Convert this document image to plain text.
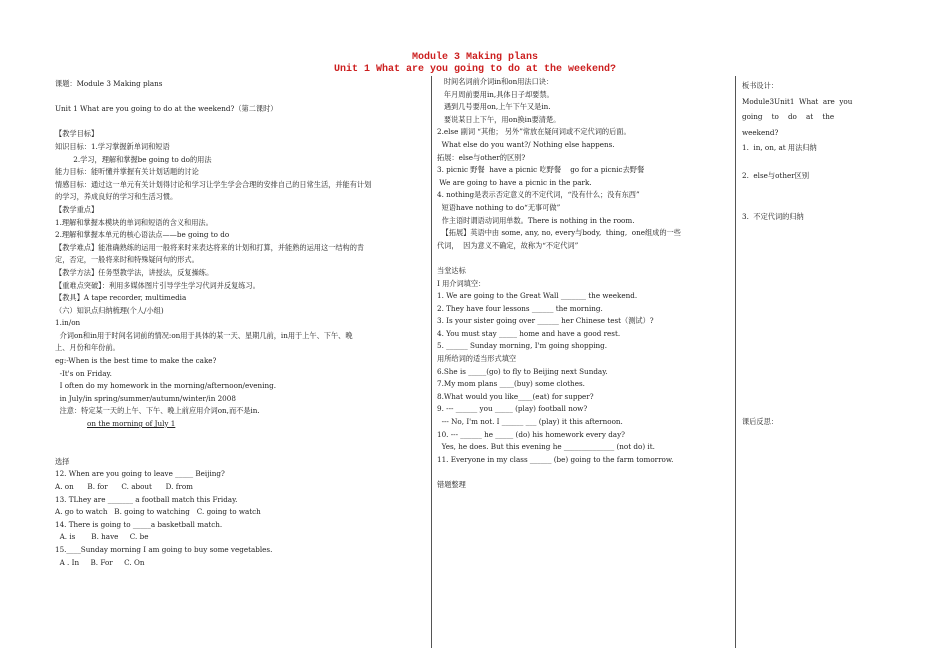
Module 3 Making plans
Unit 1 What are you going to do at the weekend?
课题：Module 3 Making plans
Unit 1 What are you going to do at the weekend?（第二课时）
【教学目标】
知识目标：1.学习掌握新单词和短语
2.学习，理解和掌握be going to do的用法
能力目标：能听懂并掌握有关计划话题的讨论
情感目标：通过这一单元有关计划得讨论和学习让学生学会合理的安排自己的日常生活，并能有计划
的学习，养成良好的学习和生活习惯。
【教学重点】
1.理解和掌握本模块的单词和短语的含义和用法。
2.理解和掌握本单元的核心语法点——be going to do
【教学难点】能准确熟练的运用一般将来时来表达将来的计划和打算，并能熟的运用这一结构的肯
定，否定，一般将来时和特殊疑问句的形式。
【教学方法】任务型教学法，讲授法，反复操练。
【重难点突破】：利用多媒体图片引导学生学习代词并反复练习。
【教具】A tape recorder, multimedia
（六）知识点归纳梳理(个人/小组)
1.in/on
介词on和in用于时间名词前的情况:on用于具体的某一天、星期几前，in用于上午、下午、晚
上、月份和年份前。
eg:-When is the best time to make the cake?
-It's on Friday.
I often do my homework in the morning/afternoon/evening.
in July/in spring/summer/autumn/winter/in 2008
注意：特定某一天的上午、下午、晚上前应用介词on,而不是in.
on the morning of July 1
选择
12. When are you going to leave _____ Beijing?
A. on      B. for      C. about      D. from
13. TLhey are _______ a football match this Friday.
A. go to watch   B. going to watching   C. going to watch
14. There is going to _____a basketball match.
A. is       B. have     C. be
15.____Sunday morning I am going to buy some vegetables.
A . In     B. For     C. On
时间名词前介词in和on用法口诀：
年月周前要用in,具体日子却要禁。
遇到几号要用on,上午下午又是in.
要说某日上下午，用on换in要清楚。
2.else 副词 “其他； 另外”常放在疑问词或不定代词的后面。
What else do you want?/ Nothing else happens.
拓展：else与other的区别?
3. picnic 野餐  have a picnic 吃野餐    go for a picnic去野餐
We are going to have a picnic in the park.
4. nothing是表示否定意义的不定代词，“没有什么；没有东西”
短语have nothing to do“无事可做”
作主语时谓语动词用单数。There is nothing in the room.
【拓展】英语中由 some, any, no, every与body,  thing,  one组成的一些
代词，  因为意义不确定，故称为“不定代词”
当堂达标
Ⅰ 用介词填空：
1. We are going to the Great Wall _______ the weekend.
2. They have four lessons ______ the morning.
3. Is your sister going over ______ her Chinese test（测试）?
4. You must stay _____ home and have a good rest.
5. ______ Sunday morning, I'm going shopping.
用所给词的适当形式填空
6.She is _____(go) to fly to Beijing next Sunday.
7.My mom plans ____(buy) some clothes.
8.What would you like____(eat) for supper?
9. --- ______ you _____ (play) football now?
--- No, I'm not. I ______ ___ (play) it this afternoon.
10. --- ______ he _____ (do) his homework every day?
Yes, he does. But this evening he ______________ (not do) it.
11. Everyone in my class ______ (be) going to the farm tomorrow.
错题整理
板书设计：
Module3Unit1  What  are  you
going    to    do    at    the
weekend?
1.  in, on, at 用法归纳
2.  else与other区别
3.  不定代词的归纳
课后反思：
